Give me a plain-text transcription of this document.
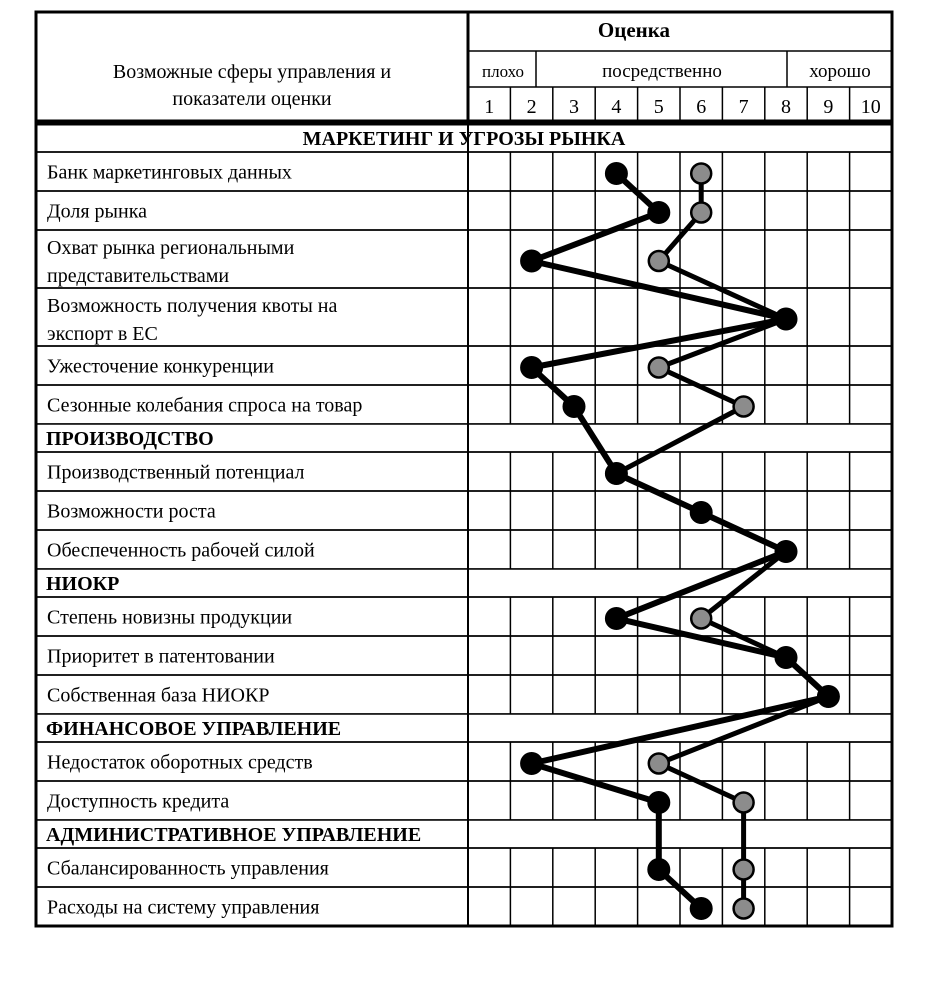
Возможные сферы управления и
показатели оценки
Оценка
плохо	посредственно	хорошо
1 2 3 4 5 6 7 8 9 10
МАРКЕТИНГ И УГРОЗЫ РЫНКА
Банк маркетинговых данных
Доля рынка
Охват рынка региональными
представительствами
Возможность получения квоты на
экспорт в ЕС
Ужесточение конкуренции
Сезонные колебания спроса на товар
ПРОИЗВОДСТВО
Производственный потенциал
Возможности роста
Обеспеченность рабочей силой
НИОКР
Степень новизны продукции
Приоритет в патентовании
Собственная база НИОКР
ФИНАНСОВОЕ УПРАВЛЕНИЕ
Недостаток оборотных средств
Доступность кредита
АДМИНИСТРАТИВНОЕ УПРАВЛЕНИЕ
Сбалансированность управления
Расходы на систему управления
